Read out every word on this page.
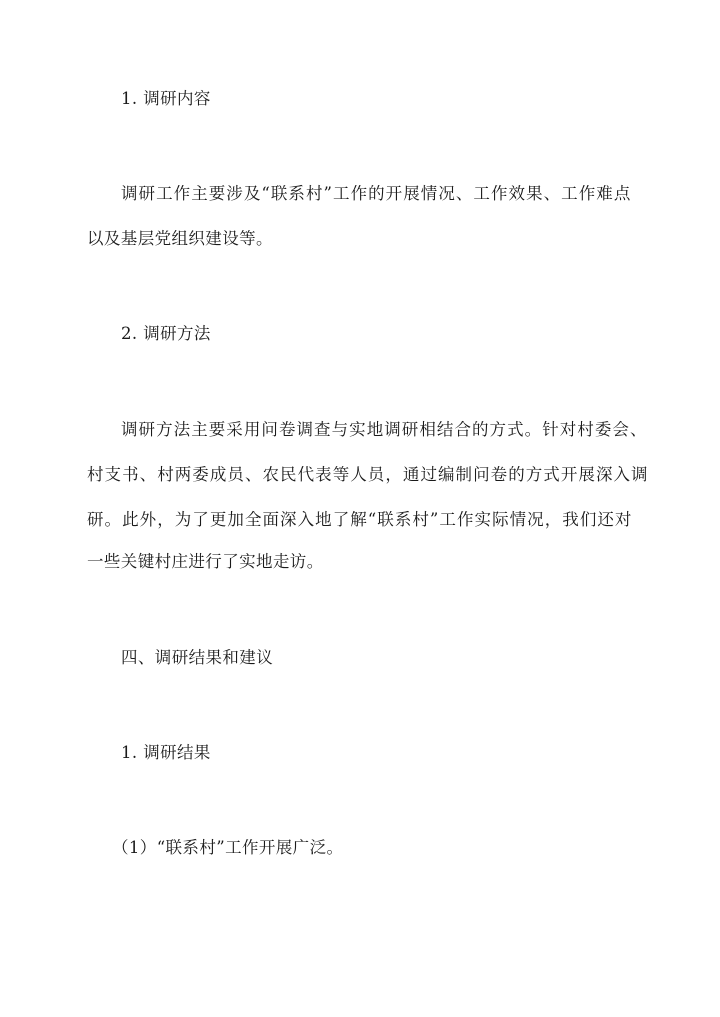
1. 调研内容
调研工作主要涉及“联系村”工作的开展情况、工作效果、工作难点
以及基层党组织建设等。
2. 调研方法
调研方法主要采用问卷调查与实地调研相结合的方式。针对村委会、
村支书、村两委成员、农民代表等人员，通过编制问卷的方式开展深入调
研。此外，为了更加全面深入地了解“联系村”工作实际情况，我们还对
一些关键村庄进行了实地走访。
四、调研结果和建议
1. 调研结果
（1）“联系村”工作开展广泛。
